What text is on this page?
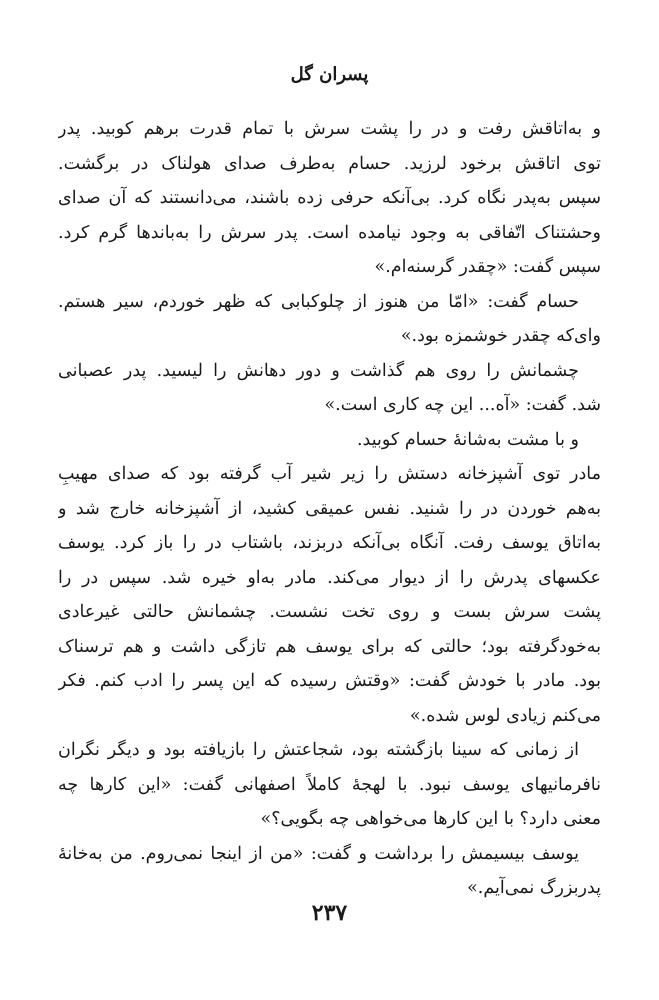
پسران گل
و به‌اتاقش رفت و در را پشت سرش با تمام قدرت برهم کوبید. پدر
توی اتاقش برخود لرزید. حسام به‌طرف صدای هولناک در برگشت.
سپس به‌پدر نگاه کرد. بی‌آنکه حرفی زده باشند، می‌دانستند که آن صدای
وحشتناک اتّفاقی به وجود نیامده است. پدر سرش را به‌باندها گرم کرد.
سپس گفت: «چقدر گرسنه‌ام.»
حسام گفت: «امّا من هنوز از چلوکبابی که ظهر خوردم، سیر هستم.
وای‌که چقدر خوشمزه بود.»
چشمانش را روی هم گذاشت و دور دهانش را لیسید. پدر عصبانی
شد. گفت: «آه... این چه کاری است.»
و با مشت به‌شانهٔ حسام کوبید.
مادر توی آشپزخانه دستش را زیر شیر آب گرفته بود که صدای مهیبِ
به‌هم خوردن در را شنید. نفس عمیقی کشید، از آشپزخانه خارج شد و
به‌اتاق یوسف رفت. آنگاه بی‌آنکه دربزند، باشتاب در را باز کرد. یوسف
عکسهای پدرش را از دیوار می‌کند. مادر به‌او خیره شد. سپس در را
پشت سرش بست و روی تخت نشست. چشمانش حالتی غیرعادی
به‌خودگرفته بود؛ حالتی که برای یوسف هم تازگی داشت و هم ترسناک
بود. مادر با خودش گفت: «وقتش رسیده که این پسر را ادب کنم. فکر
می‌کنم زیادی لوس شده.»
از زمانی که سینا بازگشته بود، شجاعتش را بازیافته بود و دیگر نگران
نافرمانیهای یوسف نبود. با لهجهٔ کاملاً اصفهانی گفت: «این کارها چه
معنی دارد؟ با این کارها می‌خواهی چه بگویی؟»
یوسف بیسیمش را برداشت و گفت: «من از اینجا نمی‌روم. من به‌خانهٔ
پدربزرگ نمی‌آیم.»
۲۳۷
